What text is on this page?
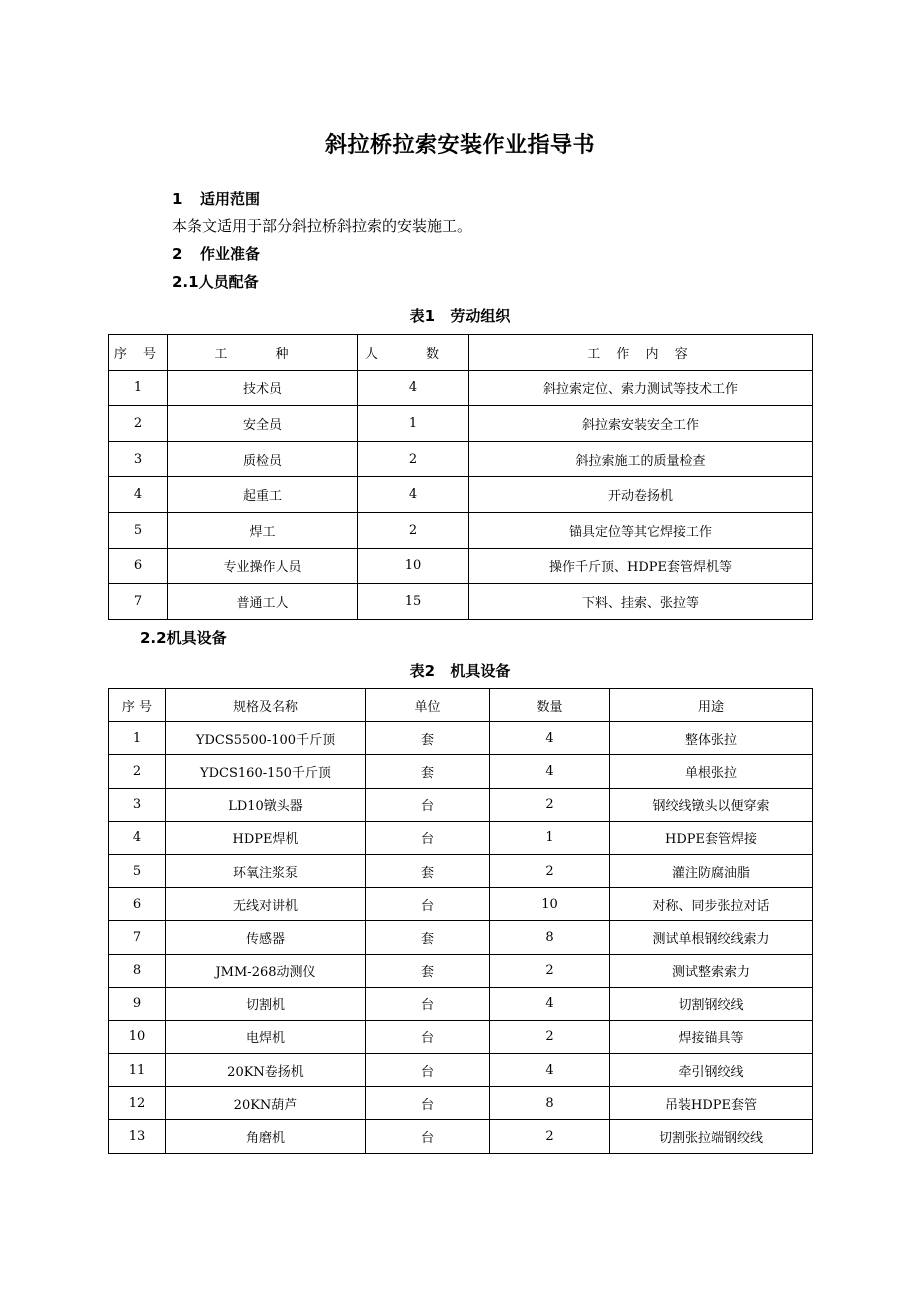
斜拉桥拉索安装作业指导书
1 适用范围
本条文适用于部分斜拉桥斜拉索的安装施工。
2 作业准备
2.1人员配备
表1 劳动组织
序 号	工 种	人 数	工 作 内 容
1	技术员	4	斜拉索定位、索力测试等技术工作
2	安全员	1	斜拉索安装安全工作
3	质检员	2	斜拉索施工的质量检查
4	起重工	4	开动卷扬机
5	焊工	2	锚具定位等其它焊接工作
6	专业操作人员	10	操作千斤顶、HDPE套管焊机等
7	普通工人	15	下料、挂索、张拉等
2.2机具设备
表2 机具设备
序 号	规格及名称	单位	数量	用途
1	YDCS5500-100千斤顶	套	4	整体张拉
2	YDCS160-150千斤顶	套	4	单根张拉
3	LD10镦头器	台	2	钢绞线镦头以便穿索
4	HDPE焊机	台	1	HDPE套管焊接
5	环氧注浆泵	套	2	灌注防腐油脂
6	无线对讲机	台	10	对称、同步张拉对话
7	传感器	套	8	测试单根钢绞线索力
8	JMM-268动测仪	套	2	测试整索索力
9	切割机	台	4	切割钢绞线
10	电焊机	台	2	焊接锚具等
11	20KN卷扬机	台	4	牵引钢绞线
12	20KN葫芦	台	8	吊装HDPE套管
13	角磨机	台	2	切割张拉端钢绞线
